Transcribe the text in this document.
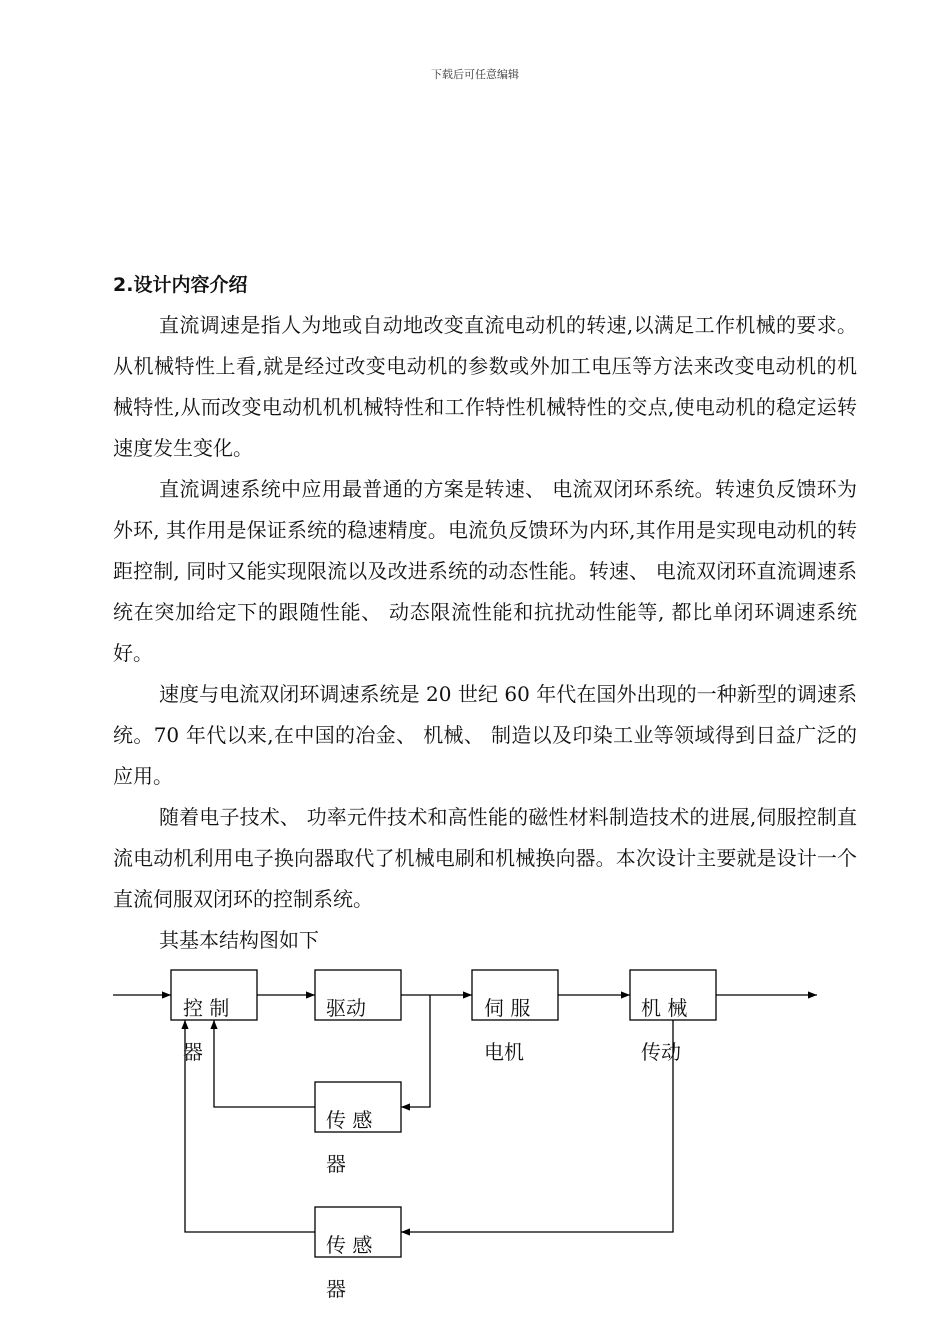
下载后可任意编辑
2.设计内容介绍

直流调速是指人为地或自动地改变直流电动机的转速,以满足工作机械的要求。从机械特性上看,就是经过改变电动机的参数或外加工电压等方法来改变电动机的机械特性,从而改变电动机机机械特性和工作特性机械特性的交点,使电动机的稳定运转速度发生变化。

直流调速系统中应用最普通的方案是转速、 电流双闭环系统。转速负反馈环为外环, 其作用是保证系统的稳速精度。电流负反馈环为内环,其作用是实现电动机的转距控制, 同时又能实现限流以及改进系统的动态性能。转速、 电流双闭环直流调速系统在突加给定下的跟随性能、 动态限流性能和抗扰动性能等, 都比单闭环调速系统好。

速度与电流双闭环调速系统是 20 世纪 60 年代在国外出现的一种新型的调速系统。70 年代以来,在中国的冶金、 机械、 制造以及印染工业等领域得到日益广泛的应用。

随着电子技术、 功率元件技术和高性能的磁性材料制造技术的进展,伺服控制直流电动机利用电子换向器取代了机械电刷和机械换向器。本次设计主要就是设计一个直流伺服双闭环的控制系统。

其基本结构图如下
控 制
器
驱动	伺 服
电机
机 械
传动
传 感
器
传 感
器
